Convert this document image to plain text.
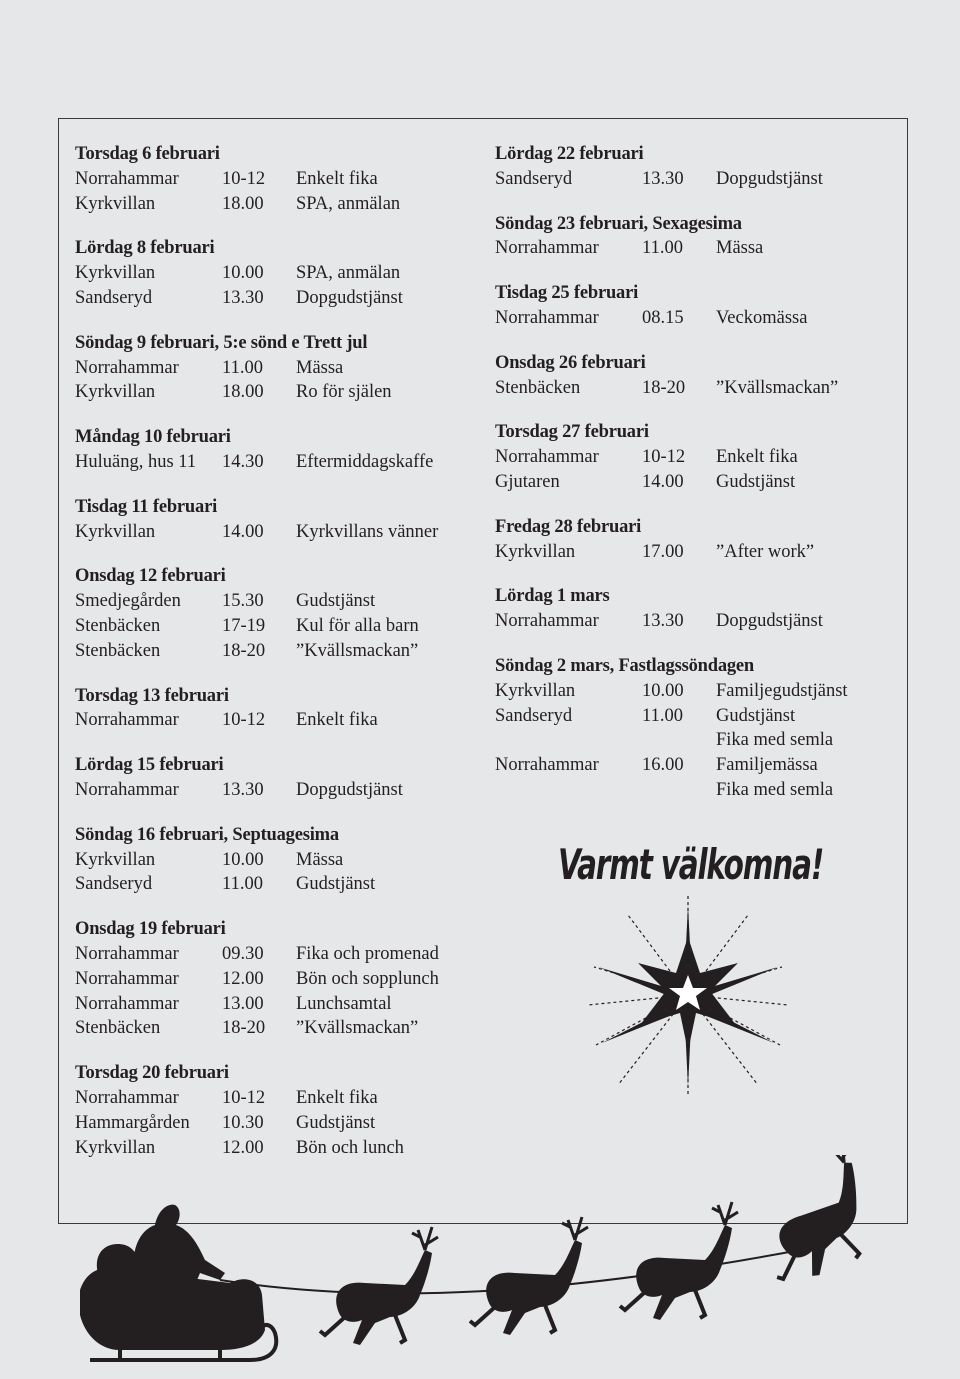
Torsdag 6 februari
Norrahammar	10-12	Enkelt fika
Kyrkvillan	18.00	SPA, anmälan
Lördag 8 februari
Kyrkvillan	10.00	SPA, anmälan
Sandseryd	13.30	Dopgudstjänst
Söndag 9 februari, 5:e sönd e Trett jul
Norrahammar	11.00	Mässa
Kyrkvillan	18.00	Ro för själen
Måndag 10 februari
Huluäng, hus 11	14.30	Eftermiddagskaffe
Tisdag 11 februari
Kyrkvillan	14.00	Kyrkvillans vänner
Onsdag 12 februari
Smedjegården	15.30	Gudstjänst
Stenbäcken	17-19	Kul för alla barn
Stenbäcken	18-20	”Kvällsmackan”
Torsdag 13 februari
Norrahammar	10-12	Enkelt fika
Lördag 15 februari
Norrahammar	13.30	Dopgudstjänst
Söndag 16 februari, Septuagesima
Kyrkvillan	10.00	Mässa
Sandseryd	11.00	Gudstjänst
Onsdag 19 februari
Norrahammar	09.30	Fika och promenad
Norrahammar	12.00	Bön och sopplunch
Norrahammar	13.00	Lunchsamtal
Stenbäcken	18-20	”Kvällsmackan”
Torsdag 20 februari
Norrahammar	10-12	Enkelt fika
Hammargården	10.30	Gudstjänst
Kyrkvillan	12.00	Bön och lunch
Lördag 22 februari
Sandseryd	13.30	Dopgudstjänst
Söndag 23 februari, Sexagesima
Norrahammar	11.00	Mässa
Tisdag 25 februari
Norrahammar	08.15	Veckomässa
Onsdag 26 februari
Stenbäcken	18-20	”Kvällsmackan”
Torsdag 27 februari
Norrahammar	10-12	Enkelt fika
Gjutaren	14.00	Gudstjänst
Fredag 28 februari
Kyrkvillan	17.00	”After work”
Lördag 1 mars
Norrahammar	13.30	Dopgudstjänst
Söndag 2 mars, Fastlagssöndagen
Kyrkvillan	10.00	Familjegudstjänst
Sandseryd	11.00	Gudstjänst
Fika med semla
Norrahammar	16.00	Familjemässa
Fika med semla
Varmt välkomna!
